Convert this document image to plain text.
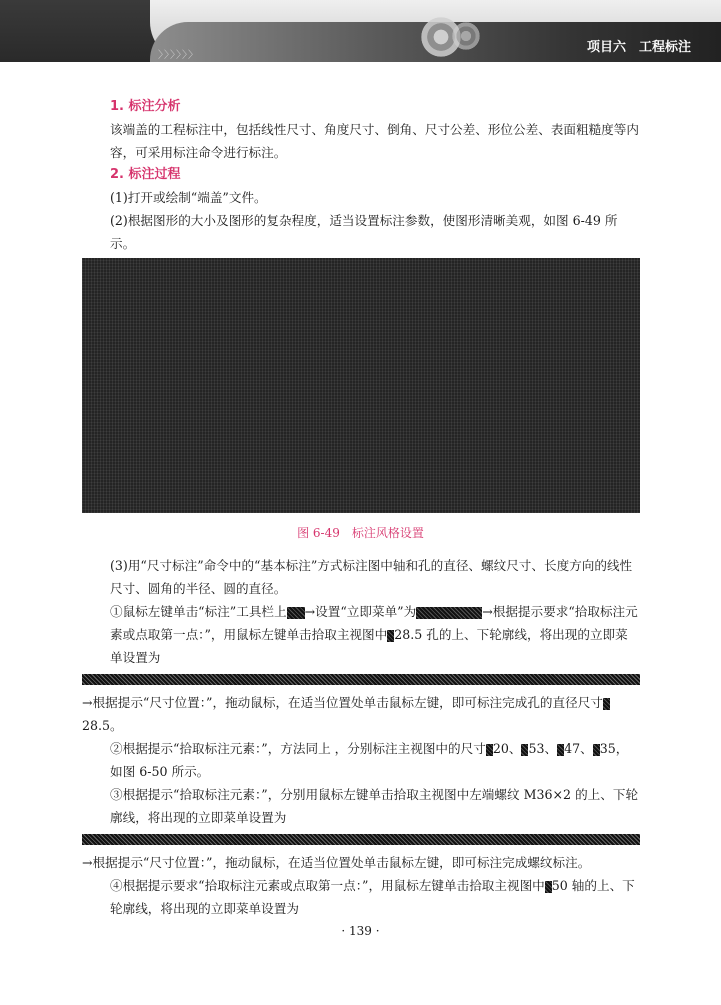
〉〉〉〉〉〉
项目六　工程标注
1. 标注分析

该端盖的工程标注中，包括线性尺寸、角度尺寸、倒角、尺寸公差、形位公差、表面粗糙度等内容，可采用标注命令进行标注。

2. 标注过程

(1)打开或绘制“端盖”文件。

(2)根据图形的大小及图形的复杂程度，适当设置标注参数，使图形清晰美观，如图 6-49 所示。

图 6-49　标注风格设置

(3)用“尺寸标注”命令中的“基本标注”方式标注图中轴和孔的直径、螺纹尺寸、长度方向的线性尺寸、圆角的半径、圆的直径。

①鼠标左键单击“标注”工具栏上 →设置“立即菜单”为	→根据提示要求“拾取标注元素或点取第一点：”，用鼠标左键单击拾取主视图中 28.5 孔的上、下轮廓线，将出现的立即菜单设置为

→根据提示“尺寸位置：”，拖动鼠标，在适当位置处单击鼠标左键，即可标注完成孔的直径尺寸28.5。

②根据提示“拾取标注元素：”，方法同上 ，分别标注主视图中的尺寸 20、 53、 47、 35，如图 6-50 所示。

③根据提示“拾取标注元素：”，分别用鼠标左键单击拾取主视图中左端螺纹 M36×2 的上、下轮廓线，将出现的立即菜单设置为

→根据提示“尺寸位置：”，拖动鼠标，在适当位置处单击鼠标左键，即可标注完成螺纹标注。

④根据提示要求“拾取标注元素或点取第一点：”，用鼠标左键单击拾取主视图中 50 轴的上、下轮廓线，将出现的立即菜单设置为

· 139 ·
